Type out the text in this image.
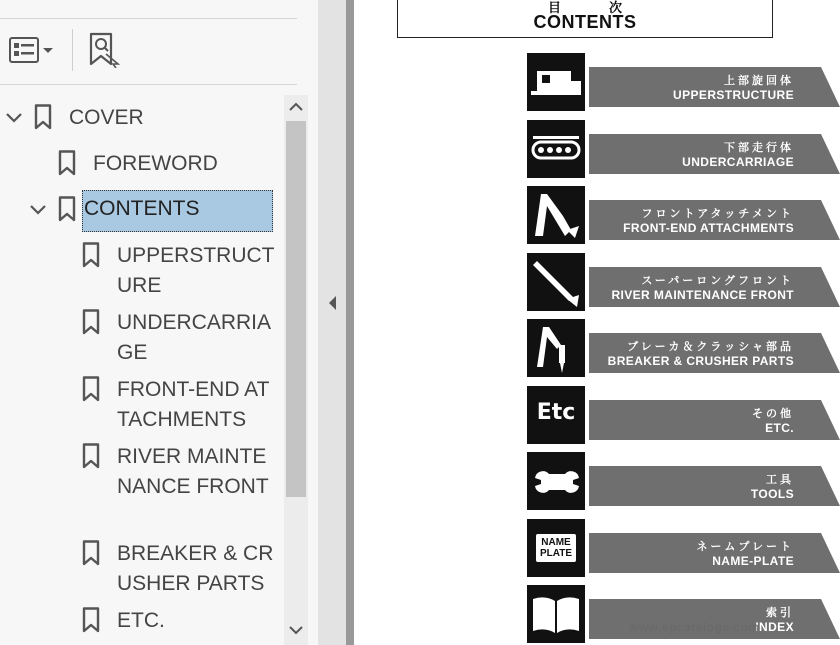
COVER
FOREWORD
CONTENTS
UPPERSTRUCTURE
UNDERCARRIAGE
FRONT-END ATTACHMENTS
RIVER MAINTENANCE FRONT
BREAKER & CRUSHER PARTS
ETC.
目次
CONTENTS
上部旋回体
UPPERSTRUCTURE
下部走行体
UNDERCARRIAGE
フロントアタッチメント
FRONT-END ATTACHMENTS
スーパーロングフロント
RIVER MAINTENANCE FRONT
ブレーカ＆クラッシャ部品
BREAKER & CRUSHER PARTS
Etc	その他
ETC.
工具
TOOLS
NAME PLATE
ネームプレート
NAME-PLATE
索引
INDEX
www.epcatalogs.com
